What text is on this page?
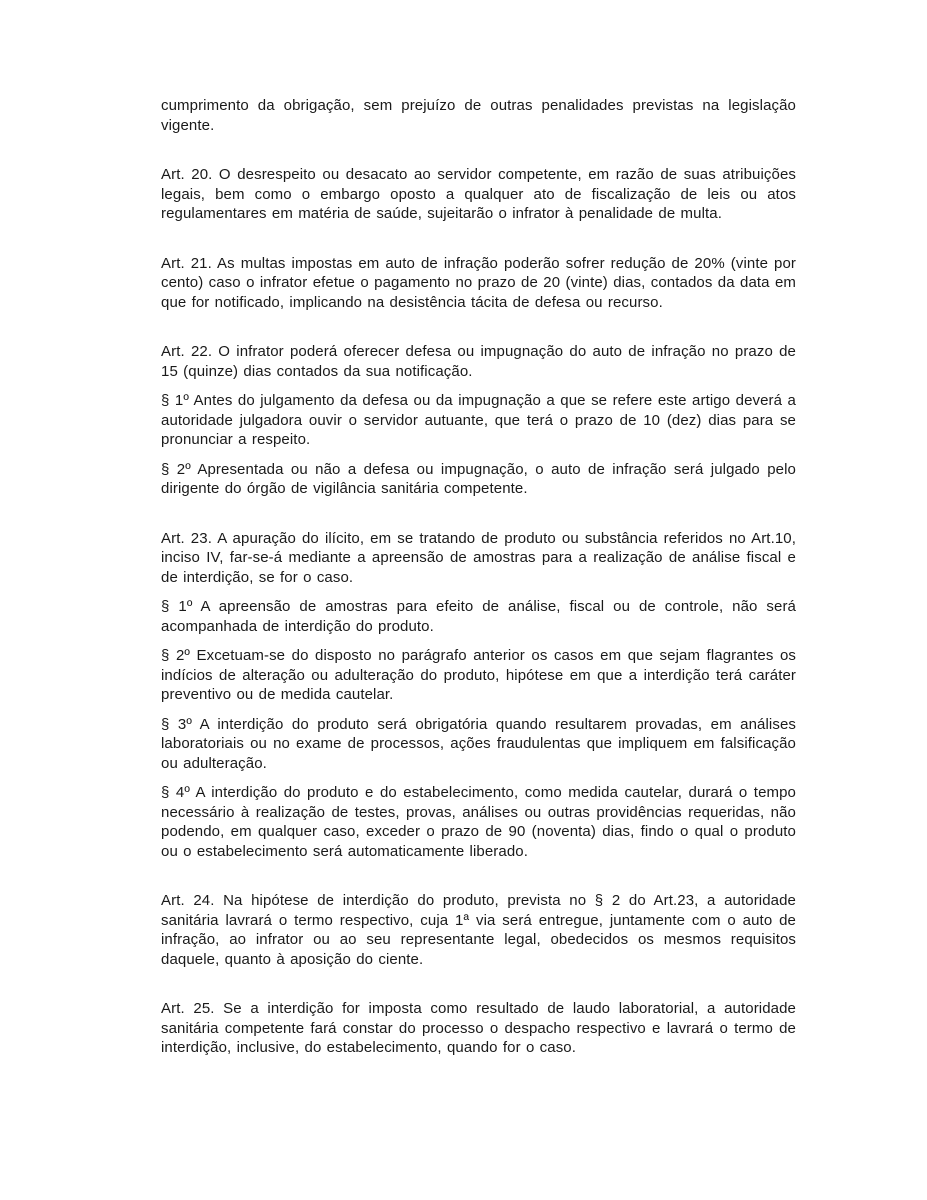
cumprimento da obrigação, sem prejuízo de outras penalidades previstas na legislação vigente.

Art. 20. O desrespeito ou desacato ao servidor competente, em razão de suas atribuições legais, bem como o embargo oposto a qualquer ato de fiscalização de leis ou atos regulamentares em matéria de saúde, sujeitarão o infrator à penalidade de multa.

Art. 21. As multas impostas em auto de infração poderão sofrer redução de 20% (vinte por cento) caso o infrator efetue o pagamento no prazo de 20 (vinte) dias, contados da data em que for notificado, implicando na desistência tácita de defesa ou recurso.

Art. 22. O infrator poderá oferecer defesa ou impugnação do auto de infração no prazo de 15 (quinze) dias contados da sua notificação.

§ 1º Antes do julgamento da defesa ou da impugnação a que se refere este artigo deverá a autoridade julgadora ouvir o servidor autuante, que terá o prazo de 10 (dez) dias para se pronunciar a respeito.

§ 2º Apresentada ou não a defesa ou impugnação, o auto de infração será julgado pelo dirigente do órgão de vigilância sanitária competente.

Art. 23. A apuração do ilícito, em se tratando de produto ou substância referidos no Art.10, inciso IV, far-se-á mediante a apreensão de amostras para a realização de análise fiscal e de interdição, se for o caso.

§ 1º A apreensão de amostras para efeito de análise, fiscal ou de controle, não será acompanhada de interdição do produto.

§ 2º Excetuam-se do disposto no parágrafo anterior os casos em que sejam flagrantes os indícios de alteração ou adulteração do produto, hipótese em que a interdição terá caráter preventivo ou de medida cautelar.

§ 3º A interdição do produto será obrigatória quando resultarem provadas, em análises laboratoriais ou no exame de processos, ações fraudulentas que impliquem em falsificação ou adulteração.

§ 4º A interdição do produto e do estabelecimento, como medida cautelar, durará o tempo necessário à realização de testes, provas, análises ou outras providências requeridas, não podendo, em qualquer caso, exceder o prazo de 90 (noventa) dias, findo o qual o produto ou o estabelecimento será automaticamente liberado.

Art. 24. Na hipótese de interdição do produto, prevista no § 2 do Art.23, a autoridade sanitária lavrará o termo respectivo, cuja 1ª via será entregue, juntamente com o auto de infração, ao infrator ou ao seu representante legal, obedecidos os mesmos requisitos daquele, quanto à aposição do ciente.

Art. 25. Se a interdição for imposta como resultado de laudo laboratorial, a autoridade sanitária competente fará constar do processo o despacho respectivo e lavrará o termo de interdição, inclusive, do estabelecimento, quando for o caso.
